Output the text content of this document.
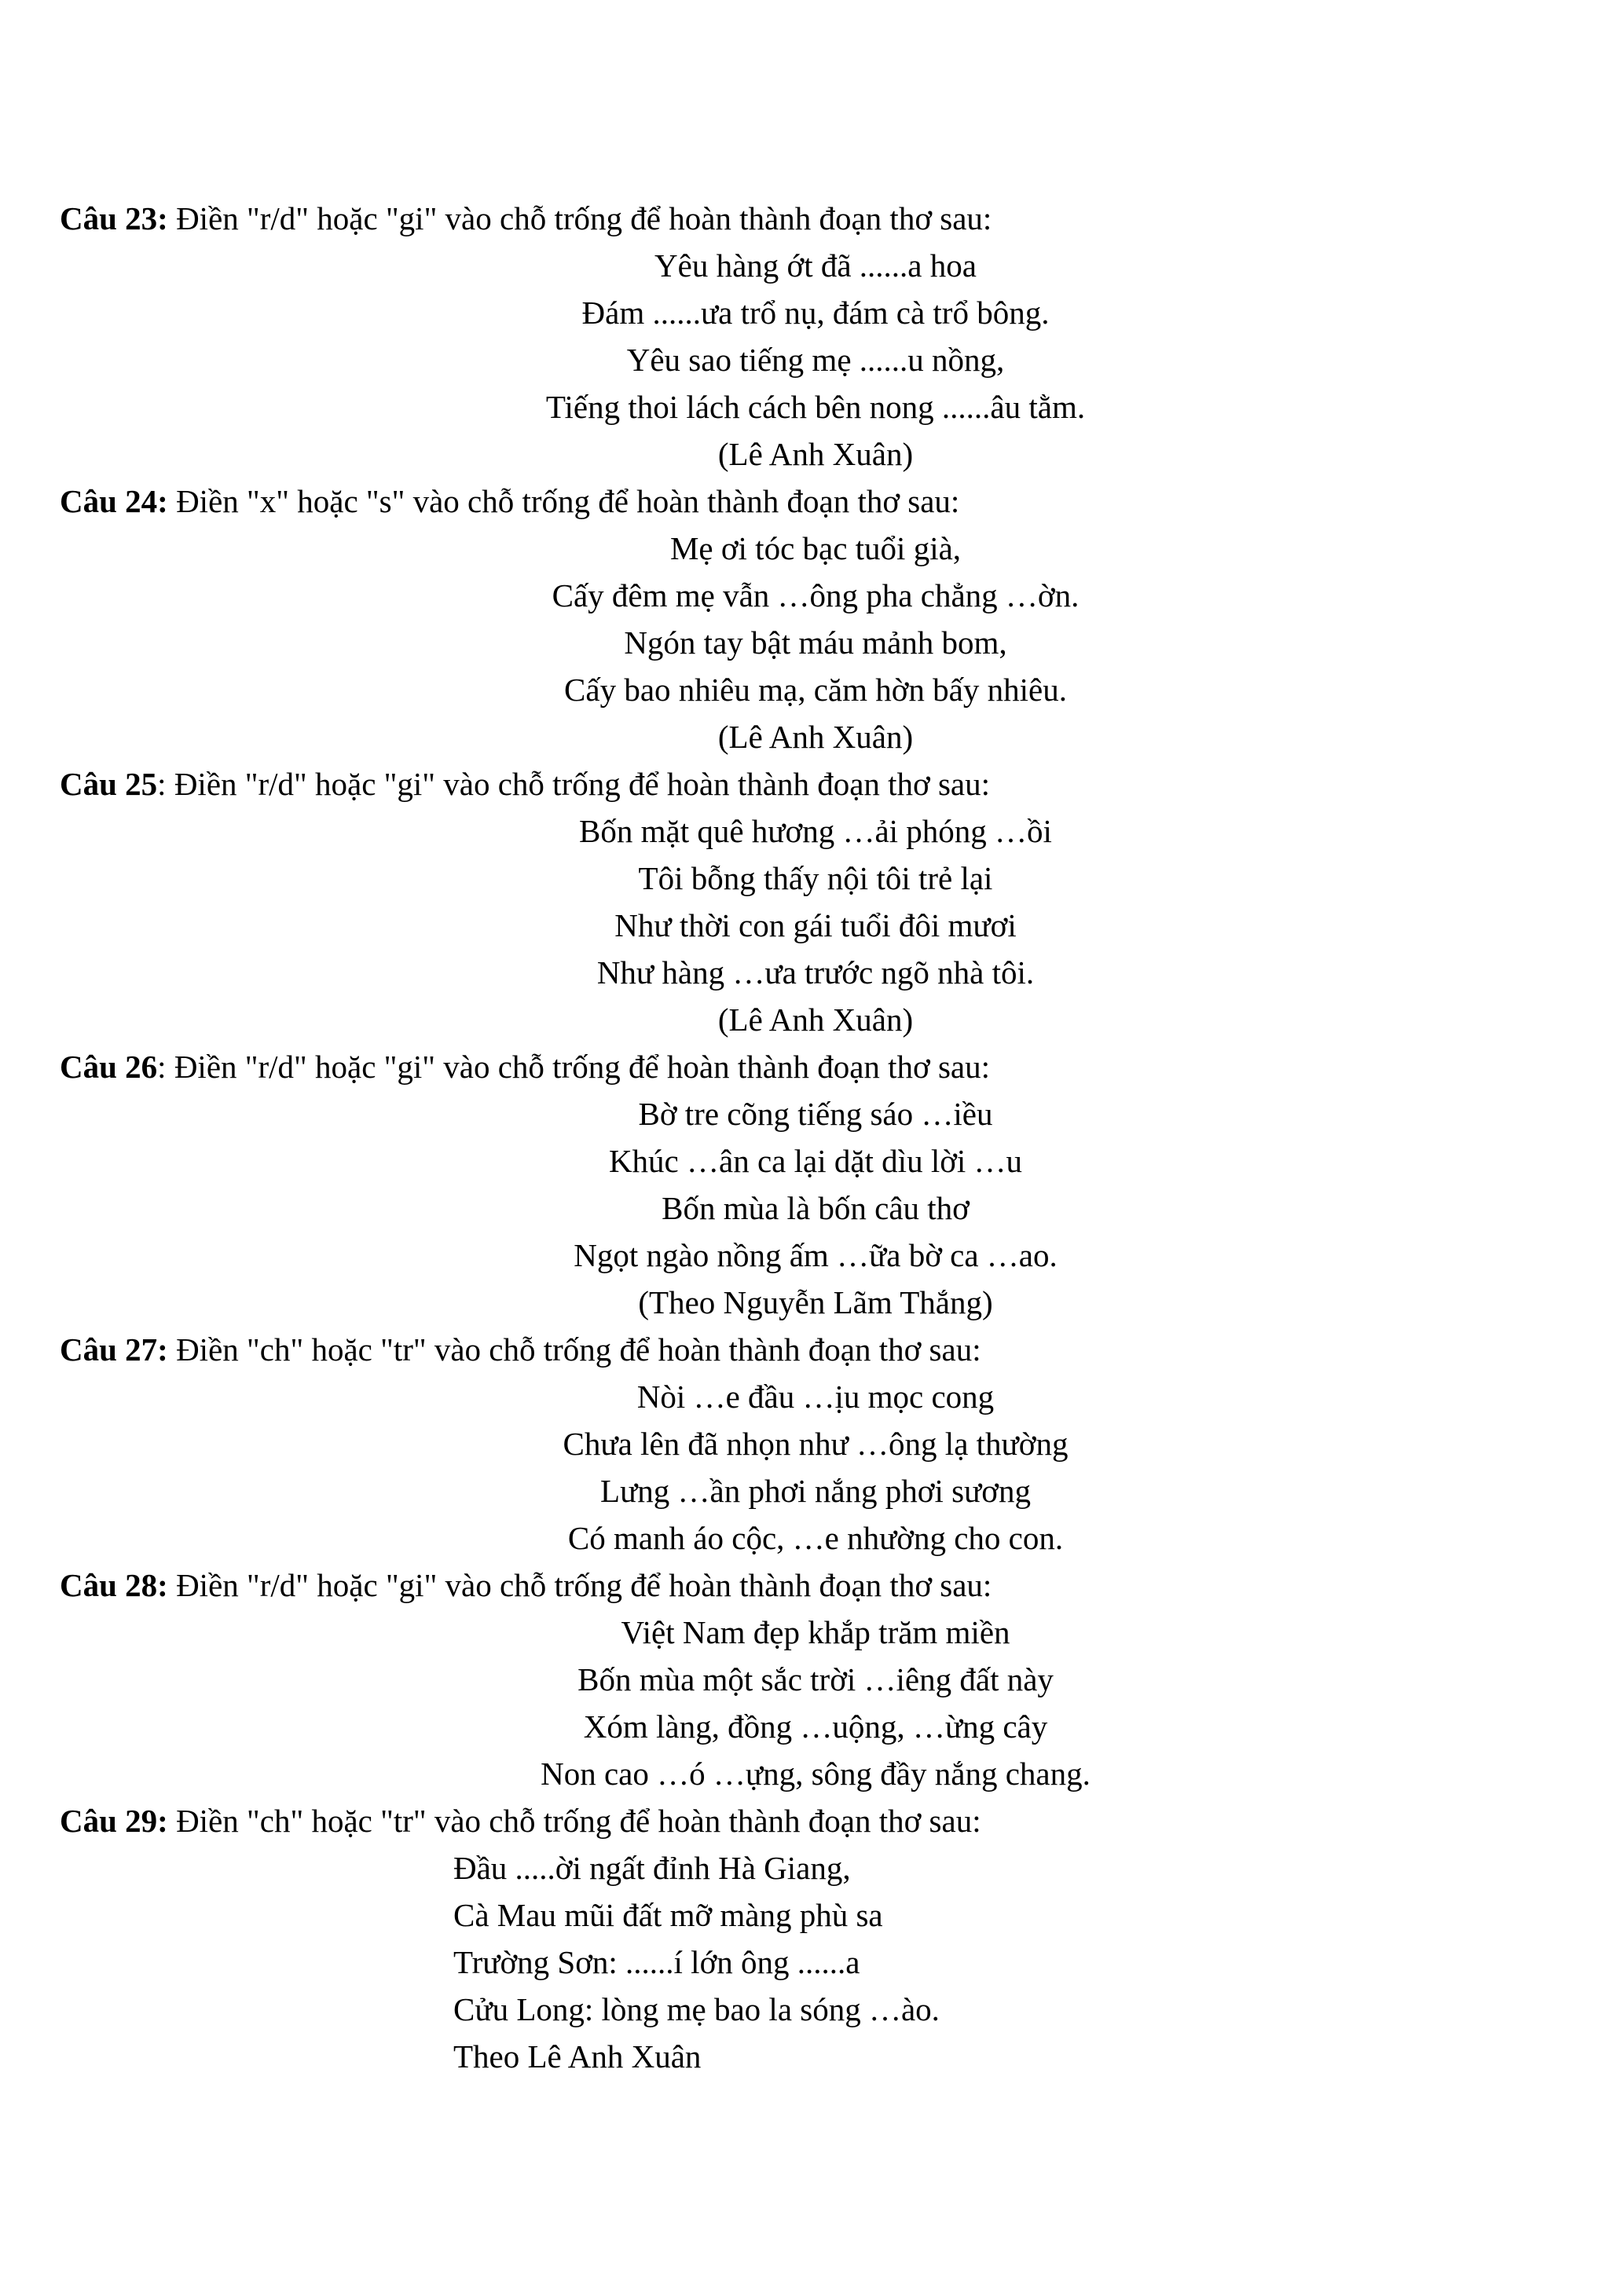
Câu 23: Điền "r/d" hoặc "gi" vào chỗ trống để hoàn thành đoạn thơ sau:
Yêu hàng ớt đã ......a hoa
Đám ......ưa trổ nụ, đám cà trổ bông.
Yêu sao tiếng mẹ ......u nồng,
Tiếng thoi lách cách bên nong ......âu tằm.
(Lê Anh Xuân)
Câu 24: Điền "x" hoặc "s" vào chỗ trống để hoàn thành đoạn thơ sau:
Mẹ ơi tóc bạc tuổi già,
Cấy đêm mẹ vẫn …ông pha chẳng …ờn.
Ngón tay bật máu mảnh bom,
Cấy bao nhiêu mạ, căm hờn bấy nhiêu.
(Lê Anh Xuân)
Câu 25: Điền "r/d" hoặc "gi" vào chỗ trống để hoàn thành đoạn thơ sau:
Bốn mặt quê hương …ải phóng …ồi
Tôi bỗng thấy nội tôi trẻ lại
Như thời con gái tuổi đôi mươi
Như hàng …ưa trước ngõ nhà tôi.
(Lê Anh Xuân)
Câu 26: Điền "r/d" hoặc "gi" vào chỗ trống để hoàn thành đoạn thơ sau:
Bờ tre cõng tiếng sáo …iều
Khúc …ân ca lại dặt dìu lời …u
Bốn mùa là bốn câu thơ
Ngọt ngào nồng ấm …ữa bờ ca …ao.
(Theo Nguyễn Lãm Thắng)
Câu 27: Điền "ch" hoặc "tr" vào chỗ trống để hoàn thành đoạn thơ sau:
Nòi …e đầu …ịu mọc cong
Chưa lên đã nhọn như …ông lạ thường
Lưng …ần phơi nắng phơi sương
Có manh áo cộc, …e nhường cho con.
Câu 28: Điền "r/d" hoặc "gi" vào chỗ trống để hoàn thành đoạn thơ sau:
Việt Nam đẹp khắp trăm miền
Bốn mùa một sắc trời …iêng đất này
Xóm làng, đồng …uộng, …ừng cây
Non cao …ó …ựng, sông đầy nắng chang.
Câu 29: Điền "ch" hoặc "tr" vào chỗ trống để hoàn thành đoạn thơ sau:
Đầu .....ời ngất đỉnh Hà Giang,
Cà Mau mũi đất mỡ màng phù sa
Trường Sơn: ......í lớn ông ......a
Cửu Long: lòng mẹ bao la sóng …ào.
Theo Lê Anh Xuân
